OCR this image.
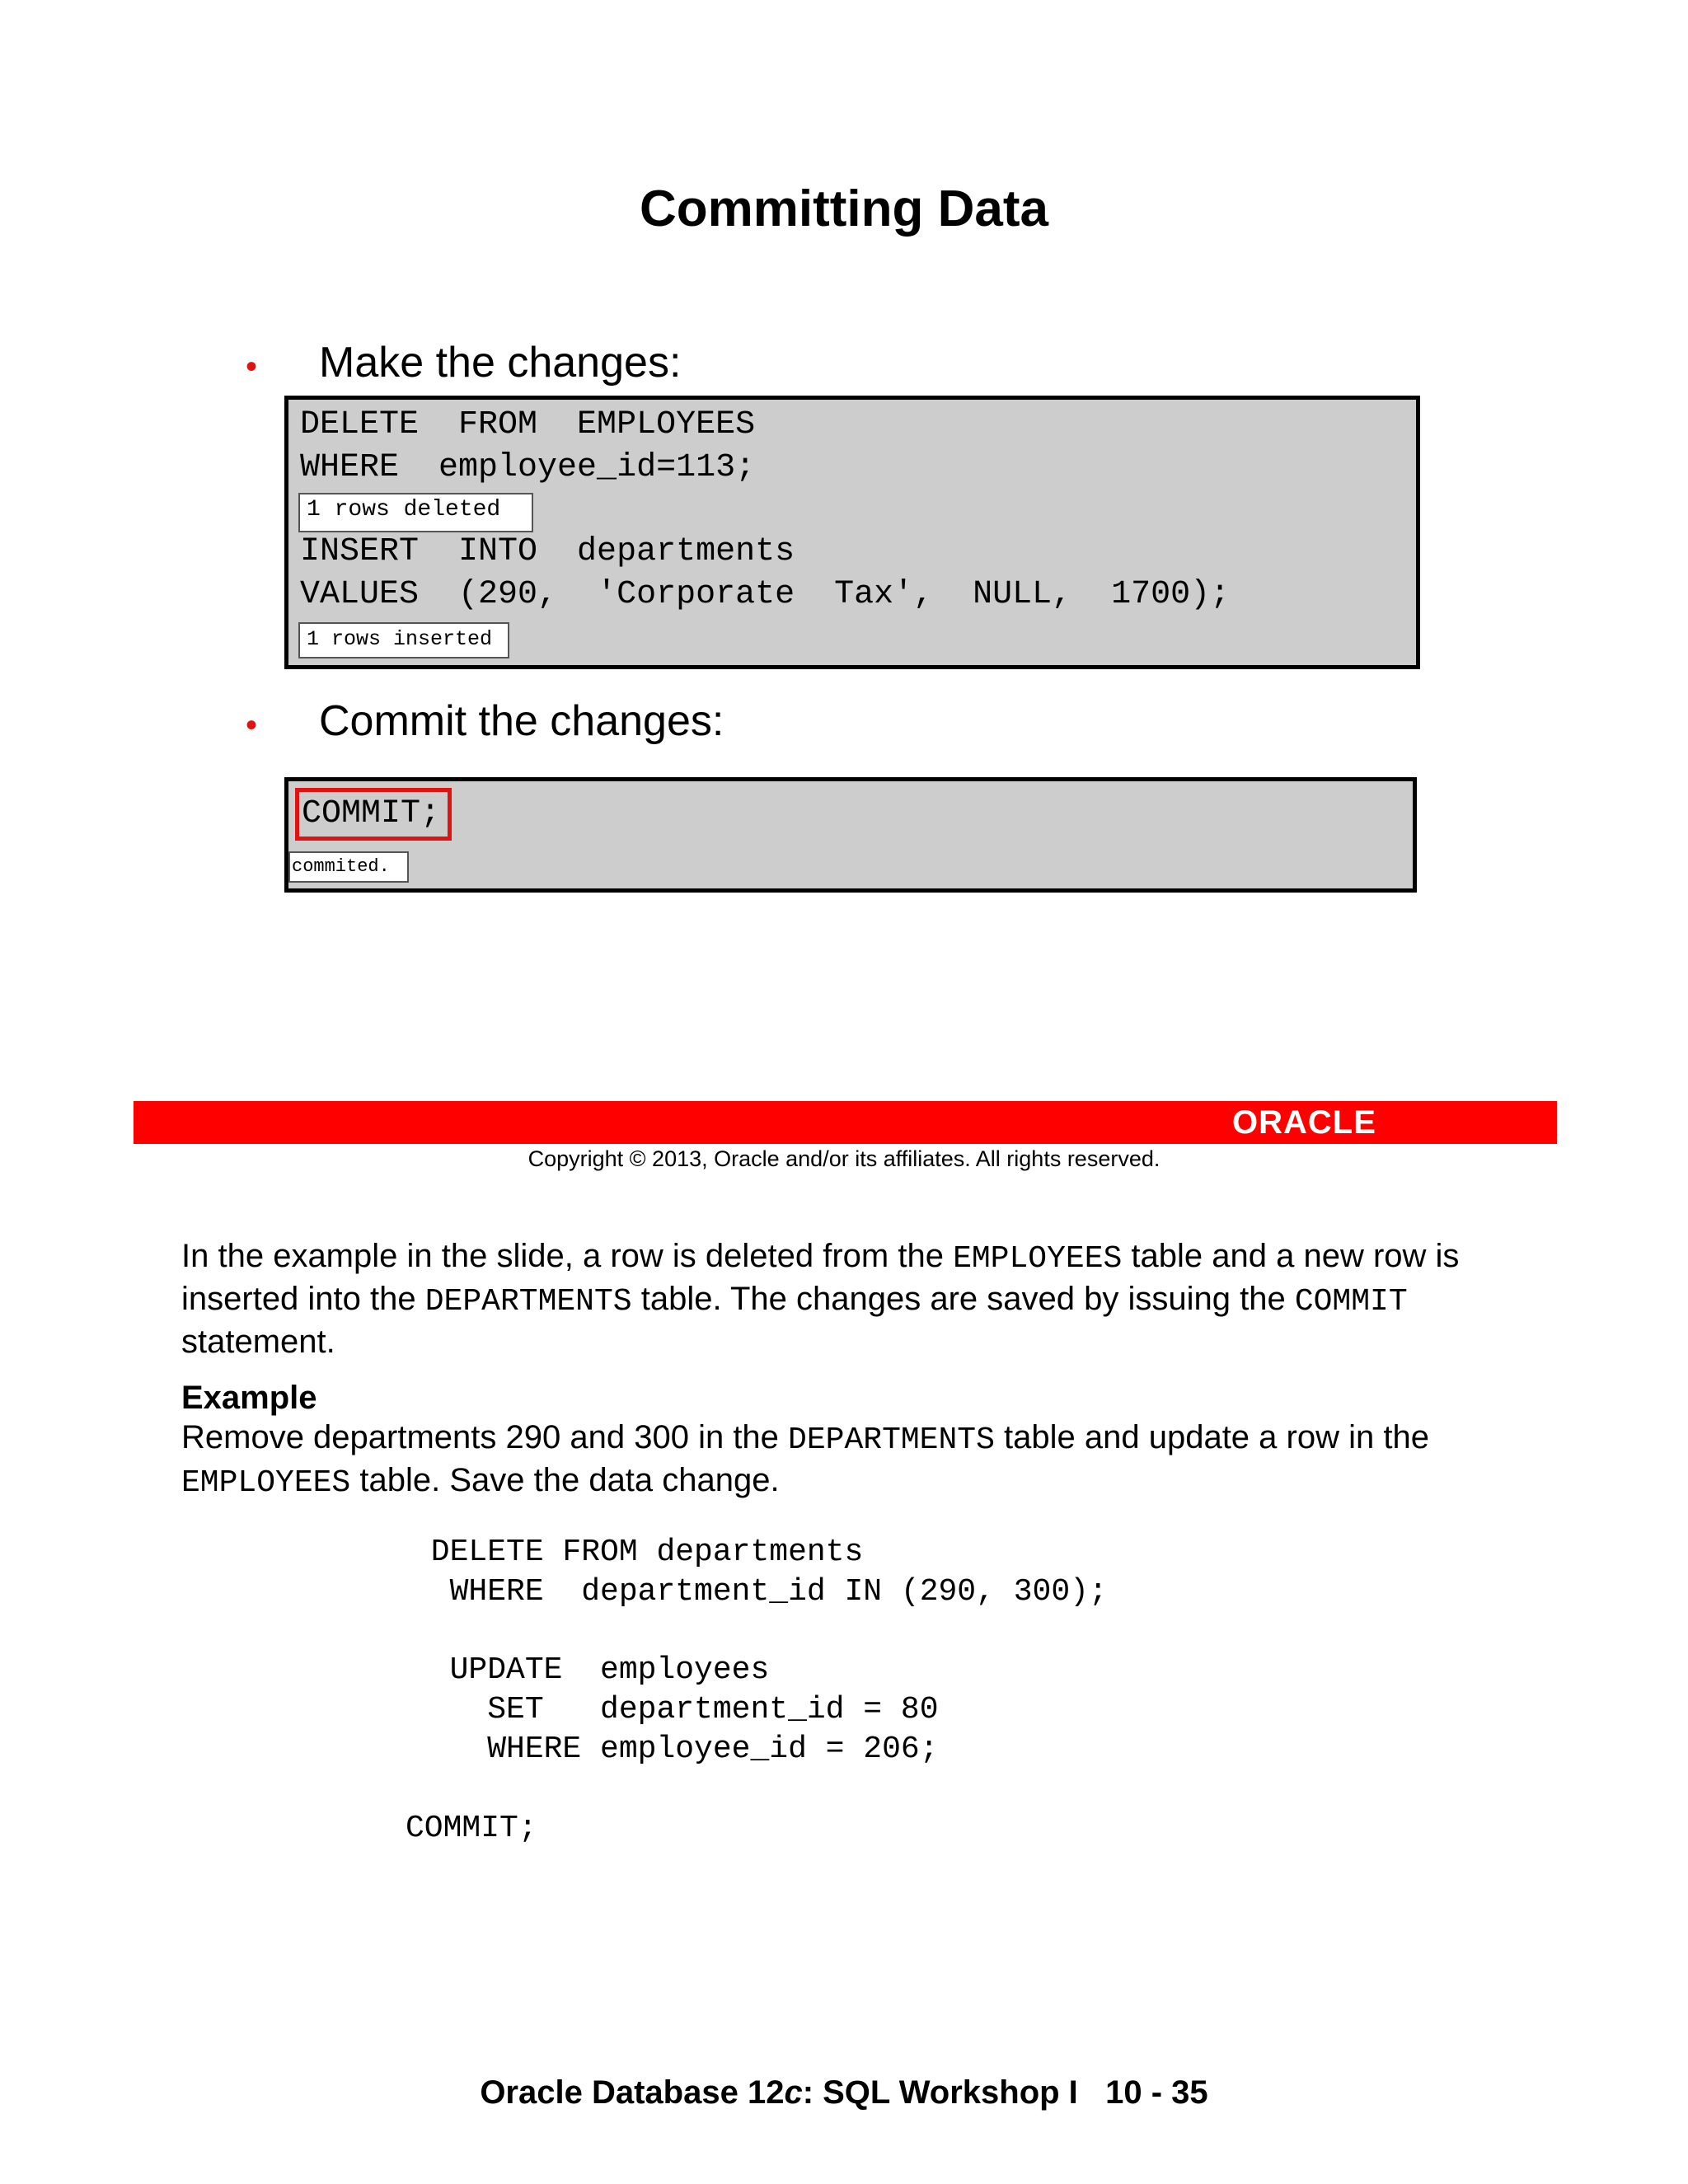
Committing Data
• Make the changes:
DELETE  FROM  EMPLOYEES
WHERE  employee_id=113;
1 rows deleted
INSERT  INTO  departments
VALUES  (290,  'Corporate  Tax',  NULL,  1700);
1 rows inserted
• Commit the changes:
COMMIT;
commited.
ORACLE
Copyright © 2013, Oracle and/or its affiliates. All rights reserved.
In the example in the slide, a row is deleted from the EMPLOYEES table and a new row is inserted into the DEPARTMENTS table. The changes are saved by issuing the COMMIT statement.
Example
Remove departments 290 and 300 in the DEPARTMENTS table and update a row in the EMPLOYEES table. Save the data change.
DELETE FROM departments
WHERE  department_id IN (290, 300);
UPDATE  employees
SET   department_id = 80
WHERE employee_id = 206;
COMMIT;
Oracle Database 12c: SQL Workshop I   10 - 35
